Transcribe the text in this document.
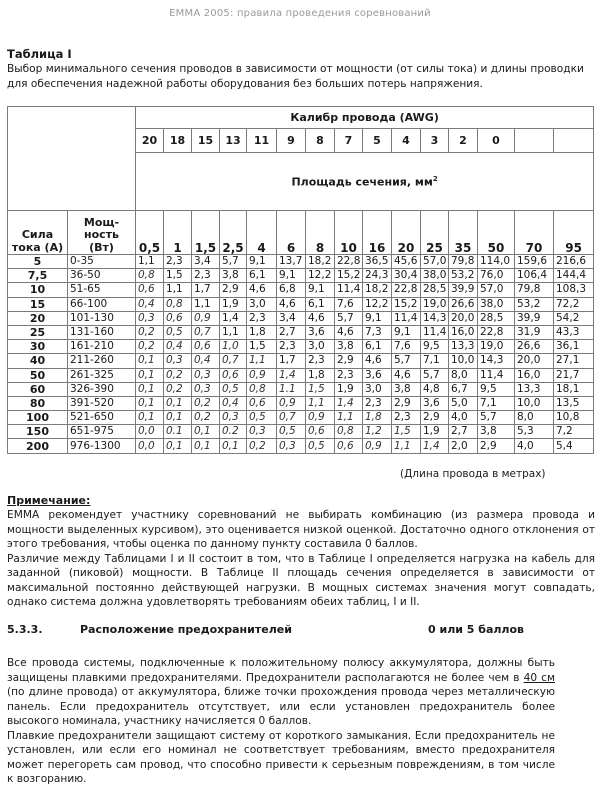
EMMA 2005: правила проведения соревнований
Таблица I
Выбор минимального сечения проводов в зависимости от мощности (от силы тока) и длины проводки для обеспечения надежной работы оборудования без больших потерь напряжения.
		Калибр провода (AWG)														
		20	18	15	13	11	9	8	7	5	4	3	2	0		
		Площадь сечения, $мм^2$
Сила тока (А)	Мощ-ность (Вт)	0,5	1	1,5	2,5	4	6	8	10	16	20	25	35	50	70	95
5	0-35	1,1	2,3	3,4	5,7	9,1	13,7	18,2	22,8	36,5	45,6	57,0	79,8	114,0	159,6	216,6
7,5	36-50	0,8	1,5	2,3	3,8	6,1	9,1	12,2	15,2	24,3	30,4	38,0	53,2	76,0	106,4	144,4
10	51-65	0,6	1,1	1,7	2,9	4,6	6,8	9,1	11,4	18,2	22,8	28,5	39,9	57,0	79,8	108,3
15	66-100	0,4	0,8	1,1	1,9	3,0	4,6	6,1	7,6	12,2	15,2	19,0	26,6	38,0	53,2	72,2
20	101-130	0,3	0,6	0,9	1,4	2,3	3,4	4,6	5,7	9,1	11,4	14,3	20,0	28,5	39,9	54,2
25	131-160	0,2	0,5	0,7	1,1	1,8	2,7	3,6	4,6	7,3	9,1	11,4	16,0	22,8	31,9	43,3
30	161-210	0,2	0,4	0,6	1,0	1,5	2,3	3,0	3,8	6,1	7,6	9,5	13,3	19,0	26,6	36,1
40	211-260	0,1	0,3	0,4	0,7	1,1	1,7	2,3	2,9	4,6	5,7	7,1	10,0	14,3	20,0	27,1
50	261-325	0,1	0,2	0,3	0,6	0,9	1,4	1,8	2,3	3,6	4,6	5,7	8,0	11,4	16,0	21,7
60	326-390	0,1	0,2	0,3	0,5	0,8	1.1	1,5	1,9	3,0	3,8	4,8	6,7	9,5	13,3	18,1
80	391-520	0,1	0,1	0,2	0,4	0,6	0,9	1,1	1,4	2,3	2,9	3,6	5,0	7,1	10,0	13,5
100	521-650	0,1	0,1	0,2	0,3	0,5	0,7	0,9	1,1	1,8	2,3	2,9	4,0	5,7	8,0	10,8
150	651-975	0,0	0.1	0,1	0.2	0,3	0,5	0,6	0,8	1,2	1,5	1,9	2,7	3,8	5,3	7,2
200	976-1300	0,0	0,1	0,1	0,1	0,2	0,3	0,5	0,6	0,9	1,1	1,4	2,0	2,9	4,0	5,4
(Длина провода в метрах)
Примечание:

EMMA рекомендует участнику соревнований не выбирать комбинацию (из размера провода и мощности выделенных курсивом), это оценивается низкой оценкой. Достаточно одного отклонения от этого требования, чтобы оценка по данному пункту составила 0 баллов.

Различие между Таблицами I и II состоит в том, что в Таблице I определяется нагрузка на кабель для заданной (пиковой) мощности. В Таблице II площадь сечения определяется в зависимости от максимальной постоянно действующей нагрузки. В мощных системах значения могут совпадать, однако система должна удовлетворять требованиям обеих таблиц, I и II.

5.3.3.	Расположение предохранителей	0 или 5 баллов

Все провода системы, подключенные к положительному полюсу аккумулятора, должны быть защищены плавкими предохранителями. Предохранители располагаются не более чем в 40 см (по длине провода) от аккумулятора, ближе точки прохождения провода через металлическую панель. Если предохранитель отсутствует, или если установлен предохранитель более высокого номинала, участнику начисляется 0 баллов.

Плавкие предохранители защищают систему от короткого замыкания. Если предохранитель не установлен, или если его номинал не соответствует требованиям, вместо предохранителя может перегореть сам провод, что способно привести к серьезным повреждениям, в том числе к возгоранию.
